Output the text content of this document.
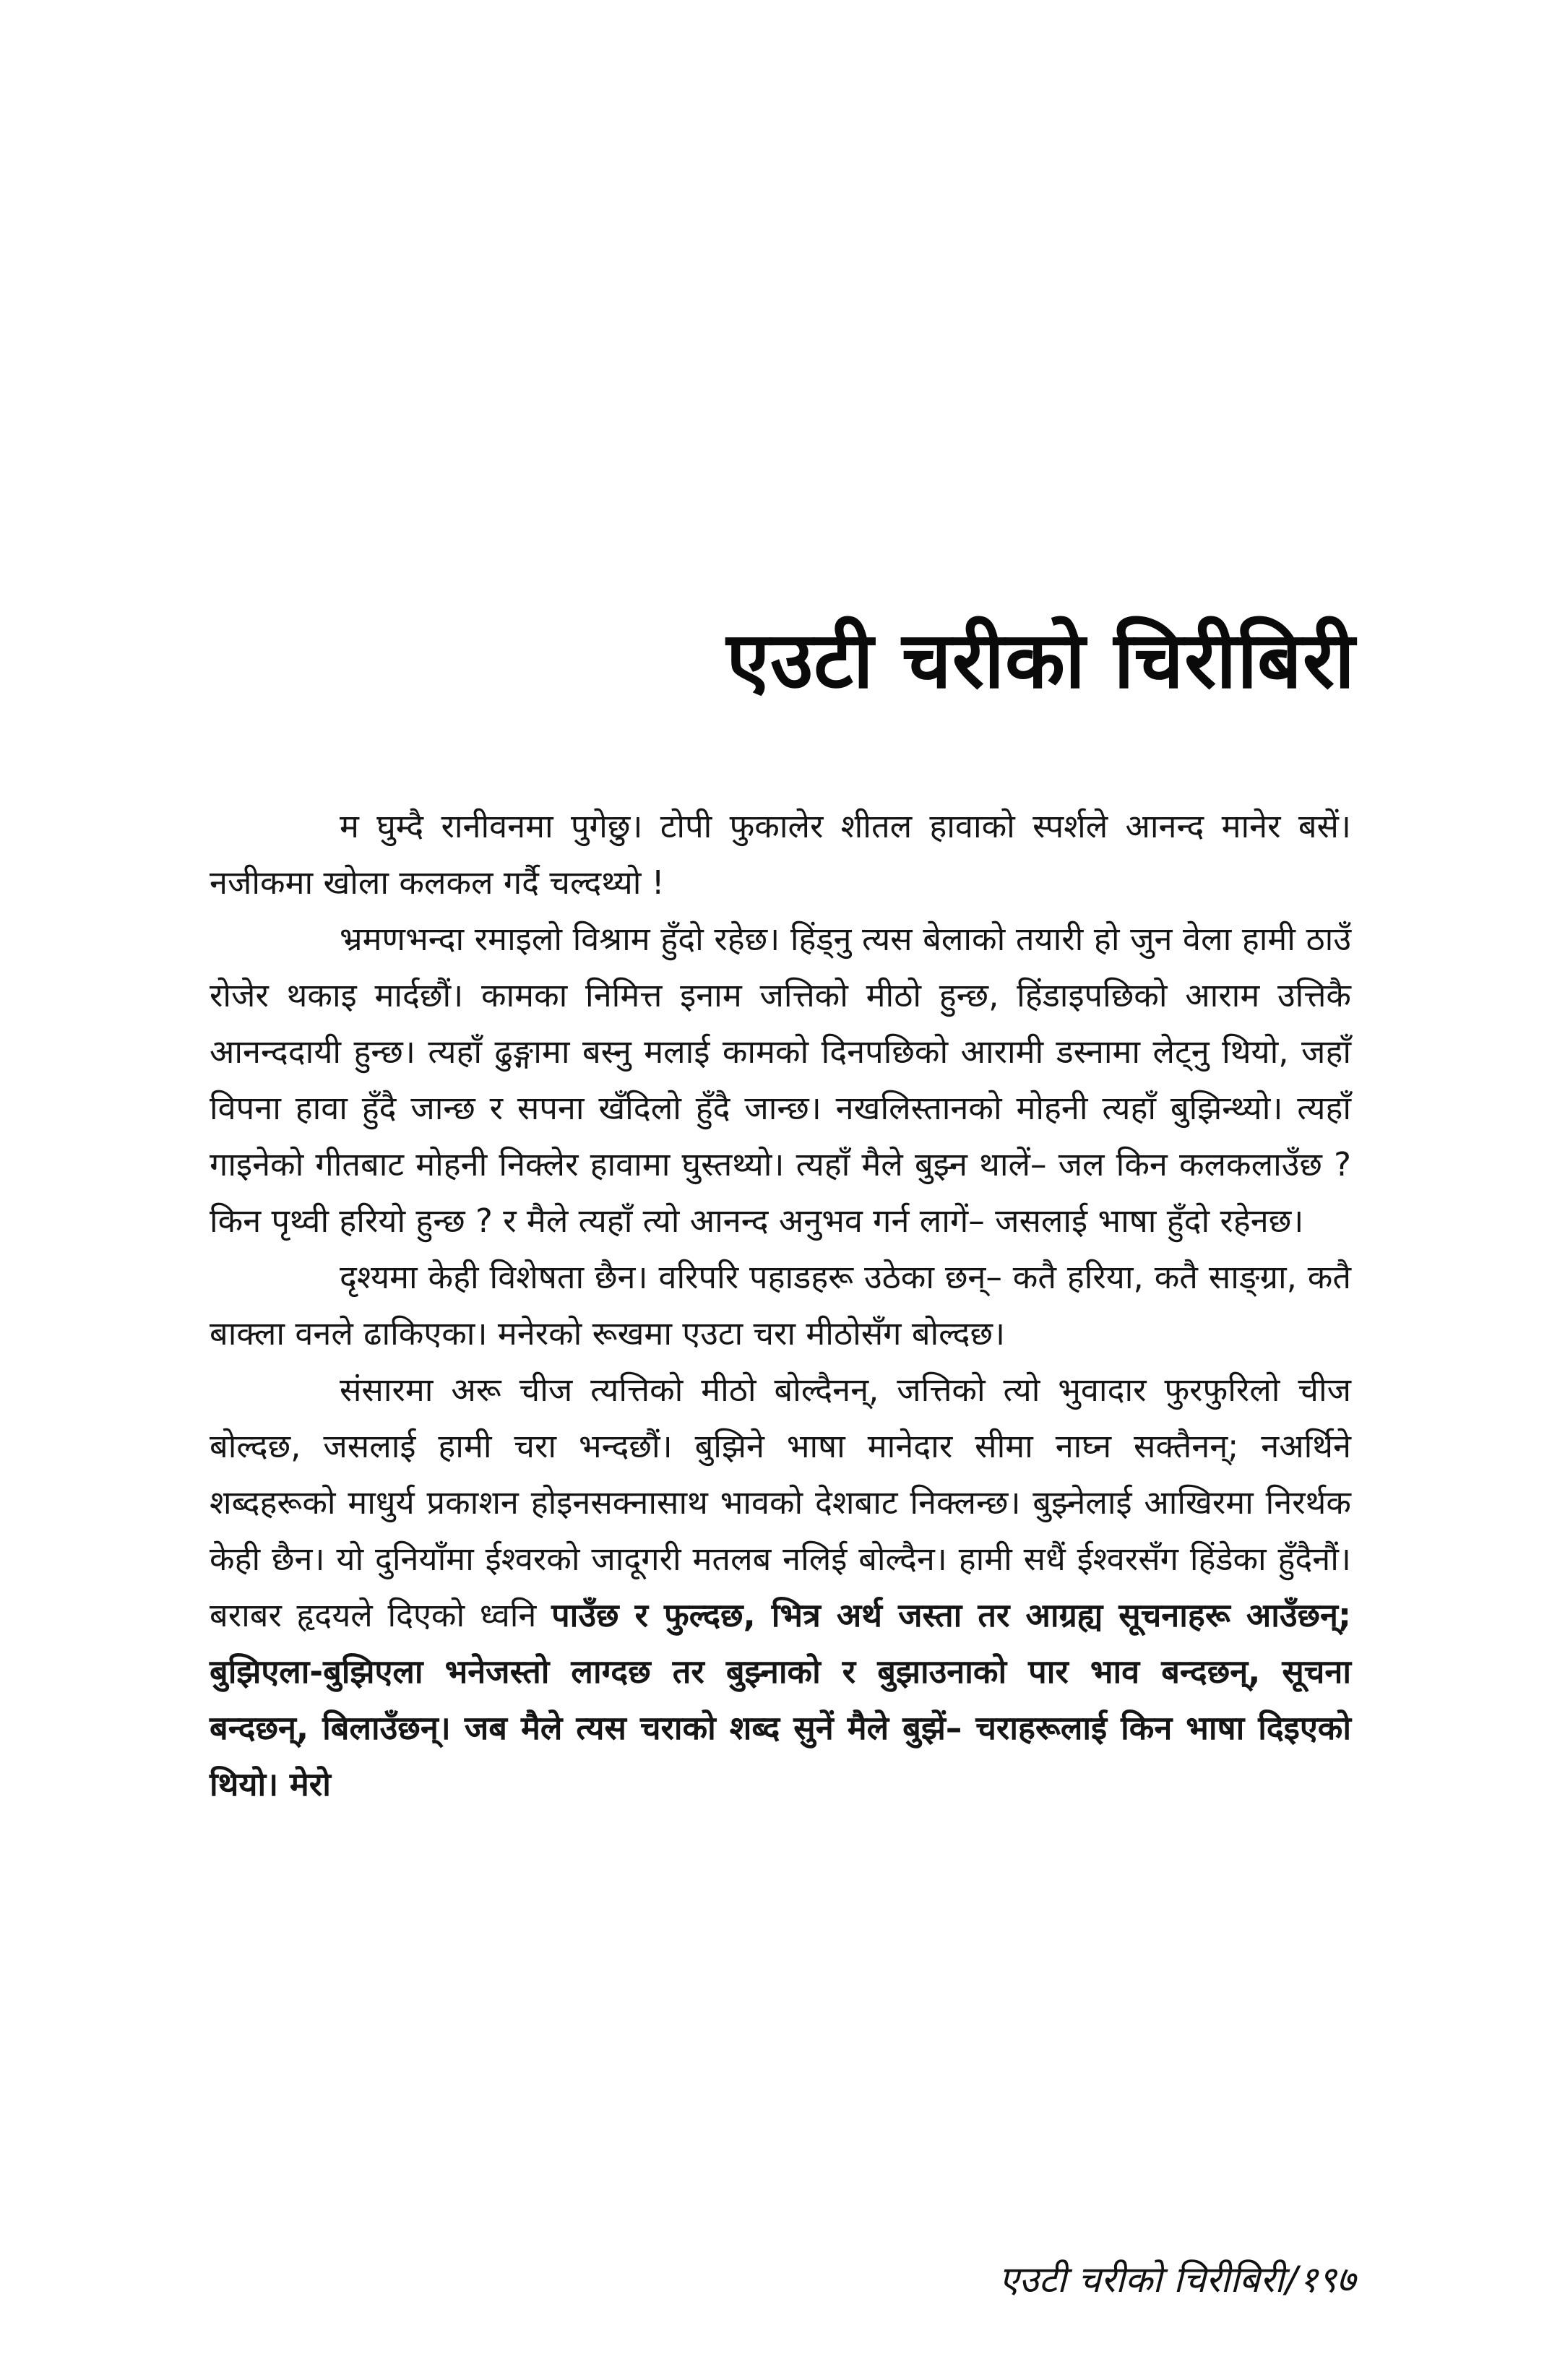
एउटी चरीको चिरीबिरी

म घुम्दै रानीवनमा पुगेछु। टोपी फुकालेर शीतल हावाको स्पर्शले आनन्द मानेर बसें। नजीकमा खोला कलकल गर्दै चल्दथ्यो !

भ्रमणभन्दा रमाइलो विश्राम हुँदो रहेछ। हिंड्नु त्यस बेलाको तयारी हो जुन वेला हामी ठाउँ रोजेर थकाइ मार्दछौं। कामका निमित्त इनाम जत्तिको मीठो हुन्छ, हिंडाइपछिको आराम उत्तिकै आनन्ददायी हुन्छ। त्यहाँ ढुङ्गामा बस्नु मलाई कामको दिनपछिको आरामी डस्नामा लेट्नु थियो, जहाँ विपना हावा हुँदै जान्छ र सपना खँदिलो हुँदै जान्छ। नखलिस्तानको मोहनी त्यहाँ बुझिन्थ्यो। त्यहाँ गाइनेको गीतबाट मोहनी निक्लेर हावामा घुस्तथ्यो। त्यहाँ मैले बुझ्न थालें– जल किन कलकलाउँछ ? किन पृथ्वी हरियो हुन्छ ? र मैले त्यहाँ त्यो आनन्द अनुभव गर्न लागें– जसलाई भाषा हुँदो रहेनछ।

दृश्यमा केही विशेषता छैन। वरिपरि पहाडहरू उठेका छन्– कतै हरिया, कतै साङ्ग्रा, कतै बाक्ला वनले ढाकिएका। मनेरको रूखमा एउटा चरा मीठोसँग बोल्दछ।

संसारमा अरू चीज त्यत्तिको मीठो बोल्दैनन्, जत्तिको त्यो भुवादार फुरफुरिलो चीज बोल्दछ, जसलाई हामी चरा भन्दछौं। बुझिने भाषा मानेदार सीमा नाघ्न सक्तैनन्; नअर्थिने शब्दहरूको माधुर्य प्रकाशन होइनसक्नासाथ भावको देशबाट निक्लन्छ। बुझ्नेलाई आखिरमा निरर्थक केही छैन। यो दुनियाँमा ईश्वरको जादूगरी मतलब नलिई बोल्दैन। हामी सधैं ईश्वरसँग हिंडेका हुँदैनौं। बराबर हृदयले दिएको ध्वनि पाउँछ र फुल्दछ, भित्र अर्थ जस्ता तर आग्रह्य सूचनाहरू आउँछन्; बुझिएला-बुझिएला भनेजस्तो लाग्दछ तर बुझ्नाको र बुझाउनाको पार भाव बन्दछन्, सूचना बन्दछन्, बिलाउँछन्। जब मैले त्यस चराको शब्द सुनें मैले बुझें– चराहरूलाई किन भाषा दिइएको थियो। मेरो

एउटी चरीको चिरीबिरी/१९७
